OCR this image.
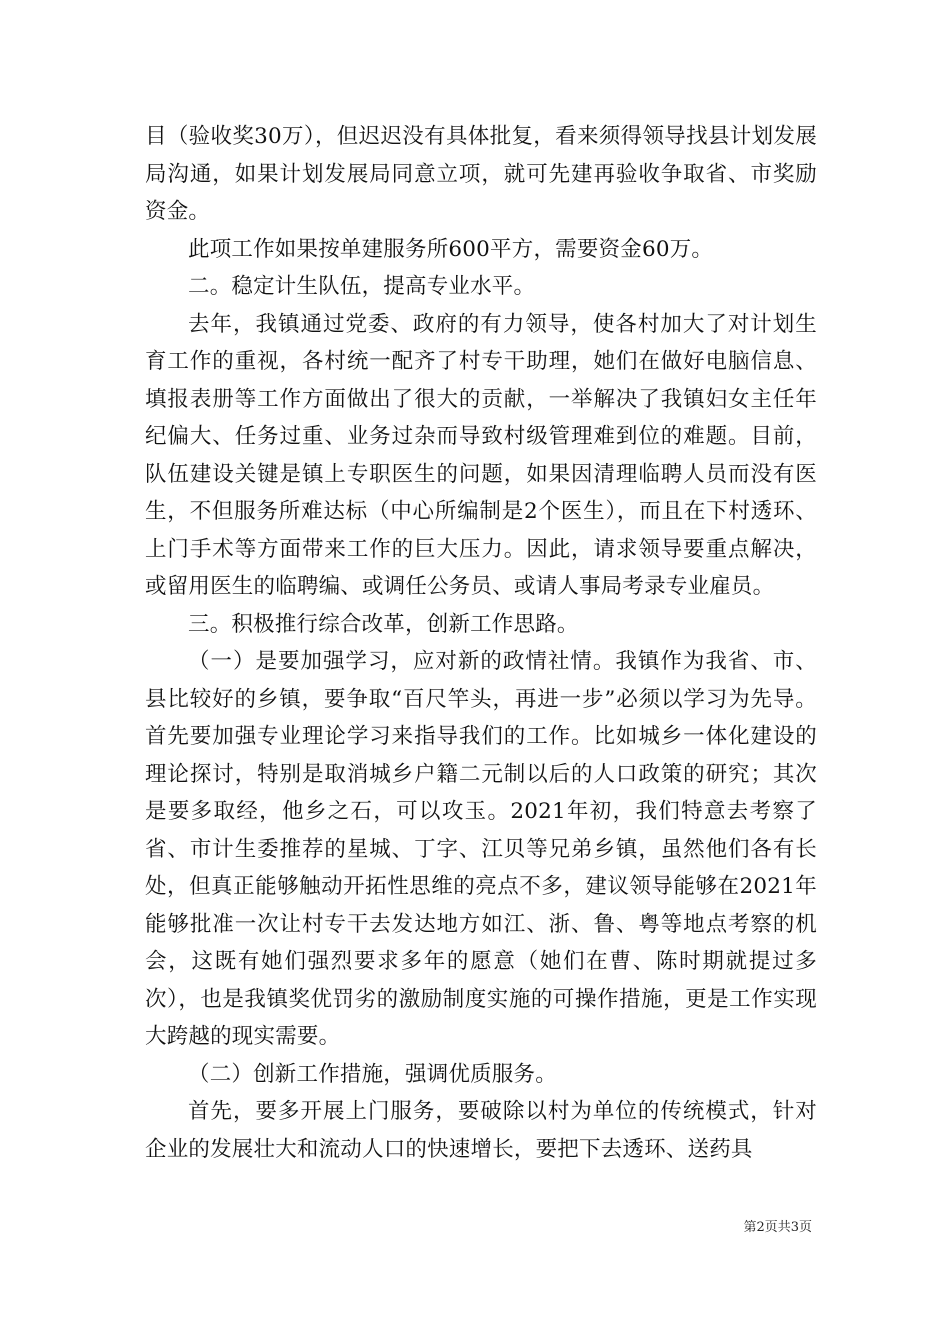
目（验收奖30万），但迟迟没有具体批复，看来须得领导找县计划发展局沟通，如果计划发展局同意立项，就可先建再验收争取省、市奖励资金。

此项工作如果按单建服务所600平方，需要资金60万。

二。稳定计生队伍，提高专业水平。

去年，我镇通过党委、政府的有力领导，使各村加大了对计划生育工作的重视，各村统一配齐了村专干助理，她们在做好电脑信息、填报表册等工作方面做出了很大的贡献，一举解决了我镇妇女主任年纪偏大、任务过重、业务过杂而导致村级管理难到位的难题。目前，队伍建设关键是镇上专职医生的问题，如果因清理临聘人员而没有医生，不但服务所难达标（中心所编制是2个医生），而且在下村透环、上门手术等方面带来工作的巨大压力。因此，请求领导要重点解决，或留用医生的临聘编、或调任公务员、或请人事局考录专业雇员。

三。积极推行综合改革，创新工作思路。

（一）是要加强学习，应对新的政情社情。我镇作为我省、市、县比较好的乡镇，要争取“百尺竿头，再进一步”必须以学习为先导。首先要加强专业理论学习来指导我们的工作。比如城乡一体化建设的理论探讨，特别是取消城乡户籍二元制以后的人口政策的研究；其次是要多取经，他乡之石，可以攻玉。2021年初，我们特意去考察了省、市计生委推荐的星城、丁字、江贝等兄弟乡镇，虽然他们各有长处，但真正能够触动开拓性思维的亮点不多，建议领导能够在2021年能够批准一次让村专干去发达地方如江、浙、鲁、粤等地点考察的机会，这既有她们强烈要求多年的愿意（她们在曹、陈时期就提过多次），也是我镇奖优罚劣的激励制度实施的可操作措施，更是工作实现大跨越的现实需要。

（二）创新工作措施，强调优质服务。

首先，要多开展上门服务，要破除以村为单位的传统模式，针对企业的发展壮大和流动人口的快速增长，要把下去透环、送药具

第2页共3页
